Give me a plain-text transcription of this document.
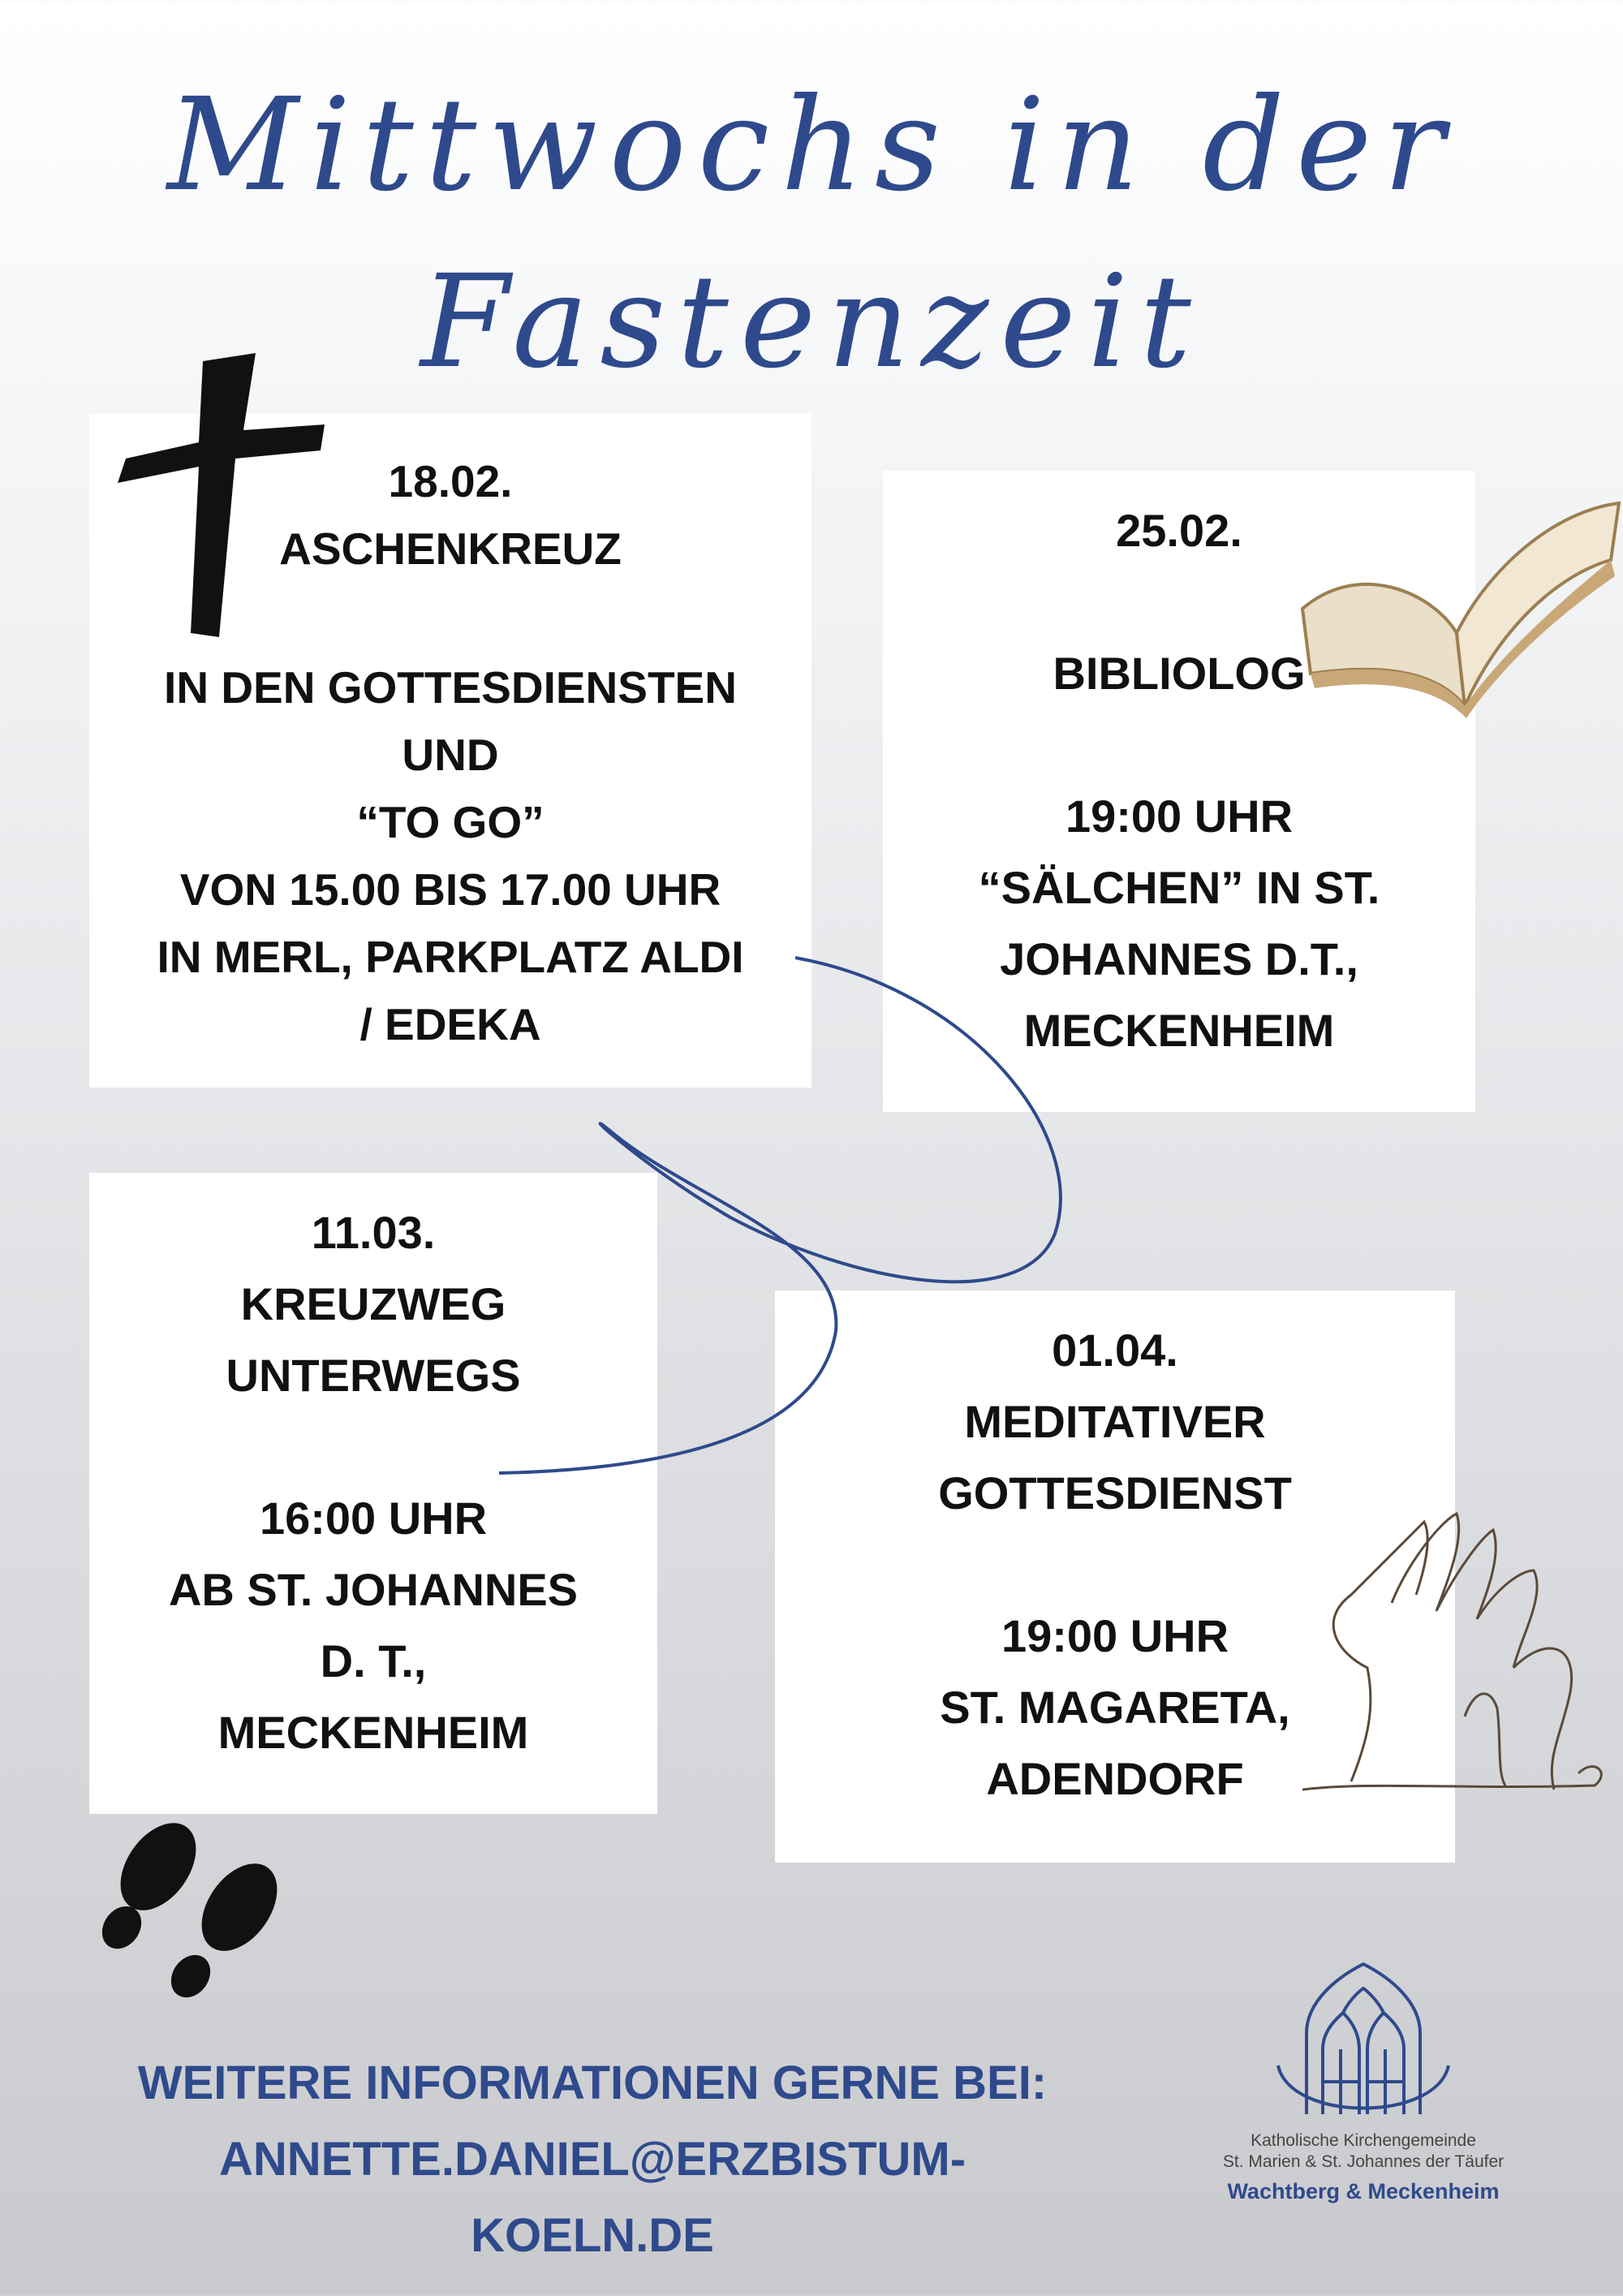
Mittwochs in der
Fastenzeit
18.02.
ASCHENKREUZ
IN DEN GOTTESDIENSTEN
UND
“TO GO”
VON 15.00 BIS 17.00 UHR
IN MERL, PARKPLATZ ALDI
/ EDEKA
25.02.
BIBLIOLOG
19:00 UHR
“SÄLCHEN” IN ST.
JOHANNES D.T.,
MECKENHEIM
11.03.
KREUZWEG
UNTERWEGS
16:00 UHR
AB ST. JOHANNES
D. T.,
MECKENHEIM
01.04.
MEDITATIVER
GOTTESDIENST
19:00 UHR
ST. MAGARETA,
ADENDORF
WEITERE INFORMATIONEN GERNE BEI:
ANNETTE.DANIEL@ERZBISTUM-
KOELN.DE
Katholische Kirchengemeinde
St. Marien & St. Johannes der Täufer
Wachtberg & Meckenheim
